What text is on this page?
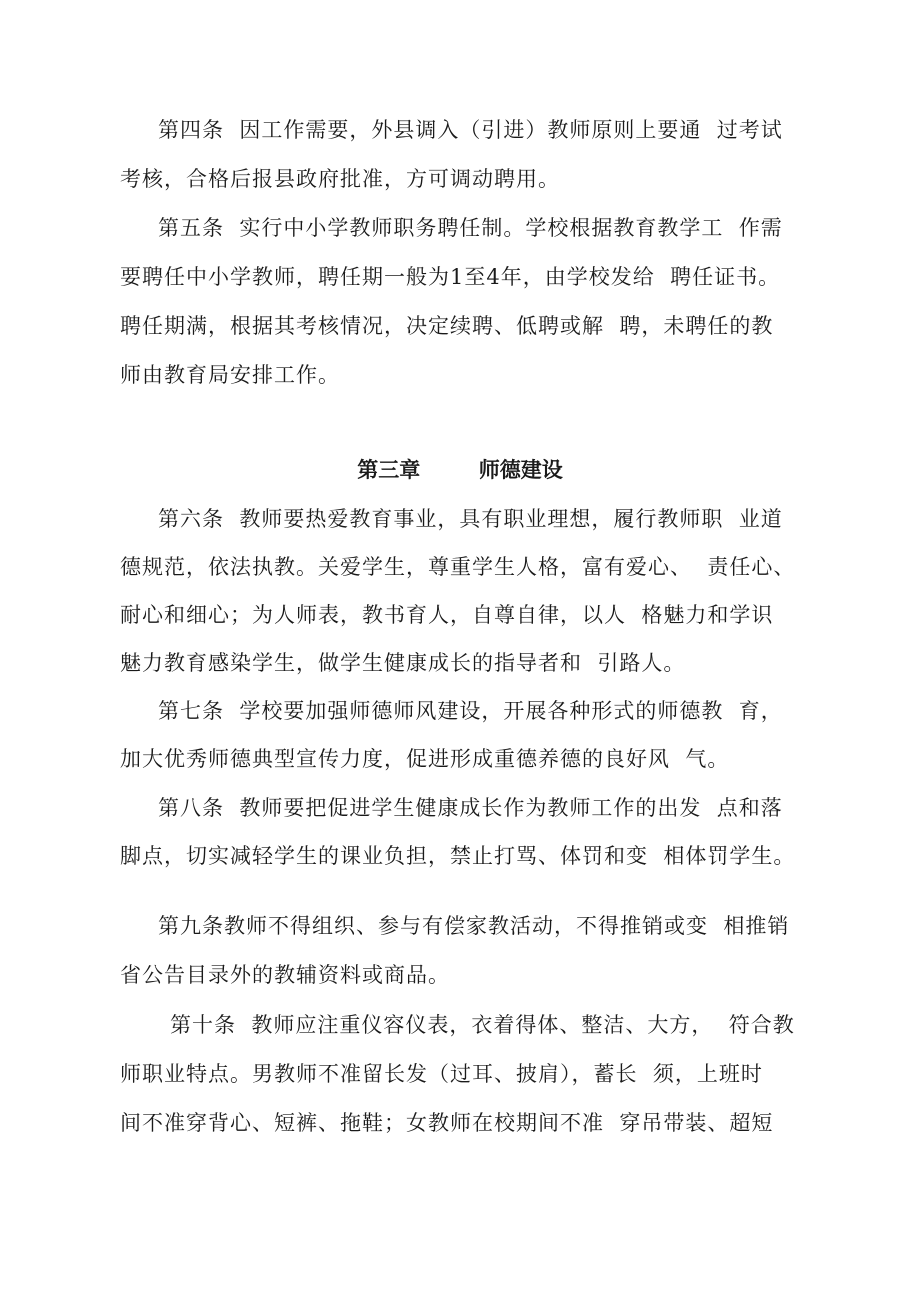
第四条  因工作需要，外县调入（引进）教师原则上要通  过考试
考核，合格后报县政府批准，方可调动聘用。
第五条  实行中小学教师职务聘任制。学校根据教育教学工  作需
要聘任中小学教师，聘任期一般为1至4年，由学校发给  聘任证书。
聘任期满，根据其考核情况，决定续聘、低聘或解  聘，未聘任的教
师由教育局安排工作。
第三章        师德建设
第六条  教师要热爱教育事业，具有职业理想，履行教师职  业道
德规范，依法执教。关爱学生，尊重学生人格，富有爱心、  责任心、
耐心和细心；为人师表，教书育人，自尊自律，以人  格魅力和学识
魅力教育感染学生，做学生健康成长的指导者和  引路人。
第七条  学校要加强师德师风建设，开展各种形式的师德教  育，
加大优秀师德典型宣传力度，促进形成重德养德的良好风  气。
第八条  教师要把促进学生健康成长作为教师工作的出发  点和落
脚点，切实减轻学生的课业负担，禁止打骂、体罚和变  相体罚学生。
第九条教师不得组织、参与有偿家教活动，不得推销或变  相推销
省公告目录外的教辅资料或商品。
第十条  教师应注重仪容仪表，衣着得体、整洁、大方，  符合教
师职业特点。男教师不准留长发（过耳、披肩），蓄长  须，上班时
间不准穿背心、短裤、拖鞋；女教师在校期间不准  穿吊带装、超短
